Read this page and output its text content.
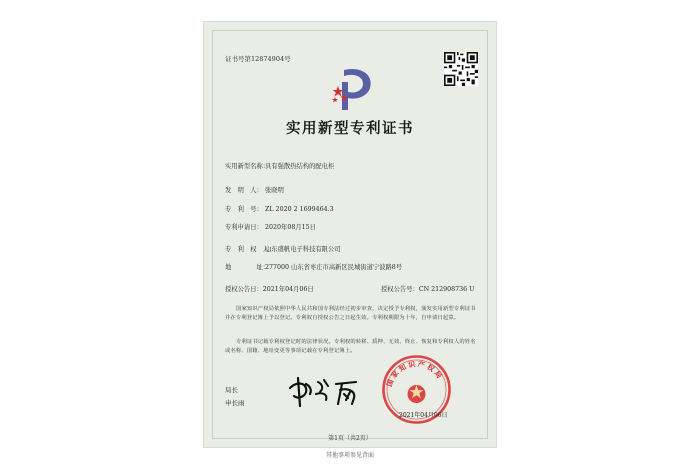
证书号第12874904号
实用新型专利证书
实用新型名称：具有强散热结构的配电柜
发　明　人： 张晓明
专　利　号： ZL 2020 2 1699464.3
专利申请日： 2020年08月15日
专　利　权　人：山东盛帆电子科技有限公司
地　　　　址：277000 山东省枣庄市高新区民城街道宁波路8号
授权公告日：2021年04月06日	授权公告号：CN 212908736 U
国家知识产权局依照中华人民共和国专利法经过初步审查，决定授予专利权，颁发实用新型专利证书并在专利登记簿上予以登记。专利权自授权公告之日起生效。专利权期限为十年，自申请日起算。
专利证书记载专利权登记时的法律状况。专利权的转移、质押、无效、终止、恢复和专利权人的姓名或名称、国籍、地址变更等事项记载在专利登记簿上。
局长
申长雨
国家知识产权局
2021年04月06日
第1页（共2页）
其他事项参见背面
